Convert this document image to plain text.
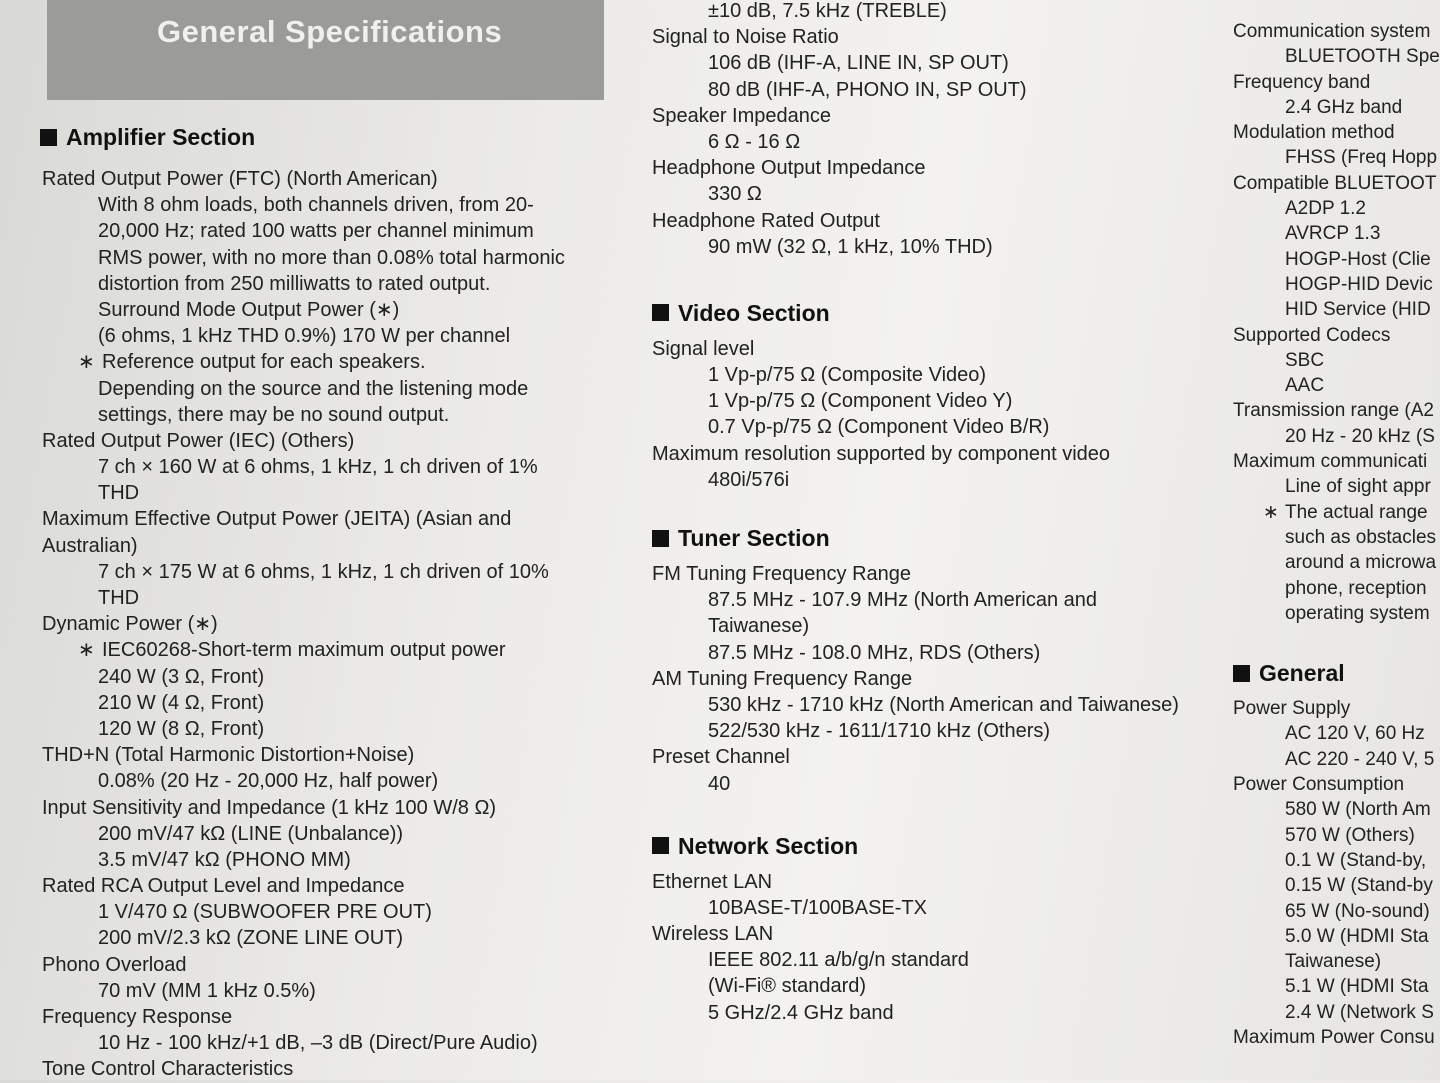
General Specifications
Amplifier Section
Rated Output Power (FTC) (North American)
With 8 ohm loads, both channels driven, from 20-
20,000 Hz; rated 100 watts per channel minimum
RMS power, with no more than 0.08% total harmonic
distortion from 250 milliwatts to rated output.
Surround Mode Output Power (∗)
(6 ohms, 1 kHz THD 0.9%) 170 W per channel
∗ Reference output for each speakers.
Depending on the source and the listening mode
settings, there may be no sound output.
Rated Output Power (IEC) (Others)
7 ch × 160 W at 6 ohms, 1 kHz, 1 ch driven of 1%
THD
Maximum Effective Output Power (JEITA) (Asian and
Australian)
7 ch × 175 W at 6 ohms, 1 kHz, 1 ch driven of 10%
THD
Dynamic Power (∗)
∗ IEC60268-Short-term maximum output power
240 W (3 Ω, Front)
210 W (4 Ω, Front)
120 W (8 Ω, Front)
THD+N (Total Harmonic Distortion+Noise)
0.08% (20 Hz - 20,000 Hz, half power)
Input Sensitivity and Impedance (1 kHz 100 W/8 Ω)
200 mV/47 kΩ (LINE (Unbalance))
3.5 mV/47 kΩ (PHONO MM)
Rated RCA Output Level and Impedance
1 V/470 Ω (SUBWOOFER PRE OUT)
200 mV/2.3 kΩ (ZONE LINE OUT)
Phono Overload
70 mV (MM 1 kHz 0.5%)
Frequency Response
10 Hz - 100 kHz/+1 dB, –3 dB (Direct/Pure Audio)
Tone Control Characteristics
±10 dB, 7.5 kHz (TREBLE)
Signal to Noise Ratio
106 dB (IHF-A, LINE IN, SP OUT)
80 dB (IHF-A, PHONO IN, SP OUT)
Speaker Impedance
6 Ω - 16 Ω
Headphone Output Impedance
330 Ω
Headphone Rated Output
90 mW (32 Ω, 1 kHz, 10% THD)
Video Section
Signal level
1 Vp-p/75 Ω (Composite Video)
1 Vp-p/75 Ω (Component Video Y)
0.7 Vp-p/75 Ω (Component Video B/R)
Maximum resolution supported by component video
480i/576i
Tuner Section
FM Tuning Frequency Range
87.5 MHz - 107.9 MHz (North American and
Taiwanese)
87.5 MHz - 108.0 MHz, RDS (Others)
AM Tuning Frequency Range
530 kHz - 1710 kHz (North American and Taiwanese)
522/530 kHz - 1611/1710 kHz (Others)
Preset Channel
40
Network Section
Ethernet LAN
10BASE-T/100BASE-TX
Wireless LAN
IEEE 802.11 a/b/g/n standard
(Wi-Fi® standard)
5 GHz/2.4 GHz band
Communication system
BLUETOOTH Spe
Frequency band
2.4 GHz band
Modulation method
FHSS (Freq Hopp
Compatible BLUETOOT
A2DP 1.2
AVRCP 1.3
HOGP-Host (Clie
HOGP-HID Devic
HID Service (HID
Supported Codecs
SBC
AAC
Transmission range (A2
20 Hz - 20 kHz (S
Maximum communicati
Line of sight appr
∗ The actual range
such as obstacles
around a microwa
phone, reception
operating system
General
Power Supply
AC 120 V, 60 Hz
AC 220 - 240 V, 5
Power Consumption
580 W (North Am
570 W (Others)
0.1 W (Stand-by,
0.15 W (Stand-by
65 W (No-sound)
5.0 W (HDMI Sta
Taiwanese)
5.1 W (HDMI Sta
2.4 W (Network S
Maximum Power Consu
